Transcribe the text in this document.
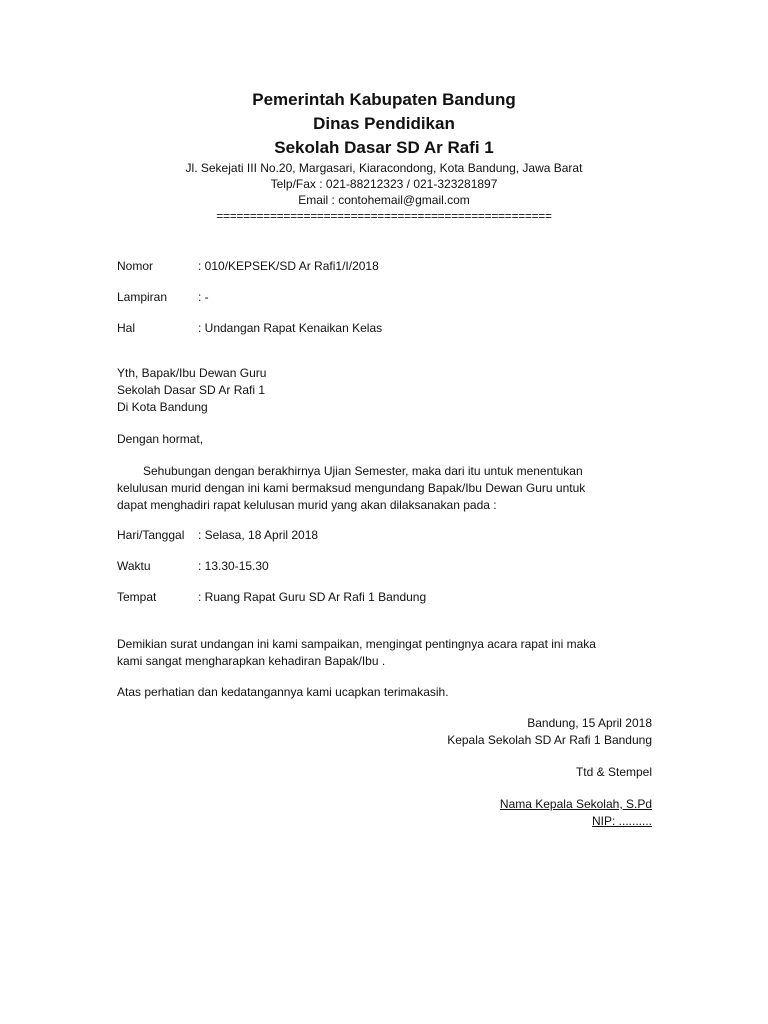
Pemerintah Kabupaten Bandung
Dinas Pendidikan
Sekolah Dasar SD Ar Rafi 1
Jl. Sekejati III No.20, Margasari, Kiaracondong, Kota Bandung, Jawa Barat
Telp/Fax : 021-88212323 / 021-323281897
Email : contohemail@gmail.com
==================================================
Nomor	: 010/KEPSEK/SD Ar Rafi1/I/2018
Lampiran	: -
Hal	: Undangan Rapat Kenaikan Kelas
Yth, Bapak/Ibu Dewan Guru
Sekolah Dasar SD Ar Rafi 1
Di Kota Bandung
Dengan hormat,
Sehubungan dengan berakhirnya Ujian Semester, maka dari itu untuk menentukan
kelulusan murid dengan ini kami bermaksud mengundang Bapak/Ibu Dewan Guru untuk
dapat menghadiri rapat kelulusan murid yang akan dilaksanakan pada :
Hari/Tanggal : Selasa, 18 April 2018
Waktu	: 13.30-15.30
Tempat	: Ruang Rapat Guru SD Ar Rafi 1 Bandung
Demikian surat undangan ini kami sampaikan, mengingat pentingnya acara rapat ini maka
kami sangat mengharapkan kehadiran Bapak/Ibu .
Atas perhatian dan kedatangannya kami ucapkan terimakasih.
Bandung, 15 April 2018
Kepala Sekolah SD Ar Rafi 1 Bandung
Ttd & Stempel
Nama Kepala Sekolah, S.Pd
NIP: ..........
